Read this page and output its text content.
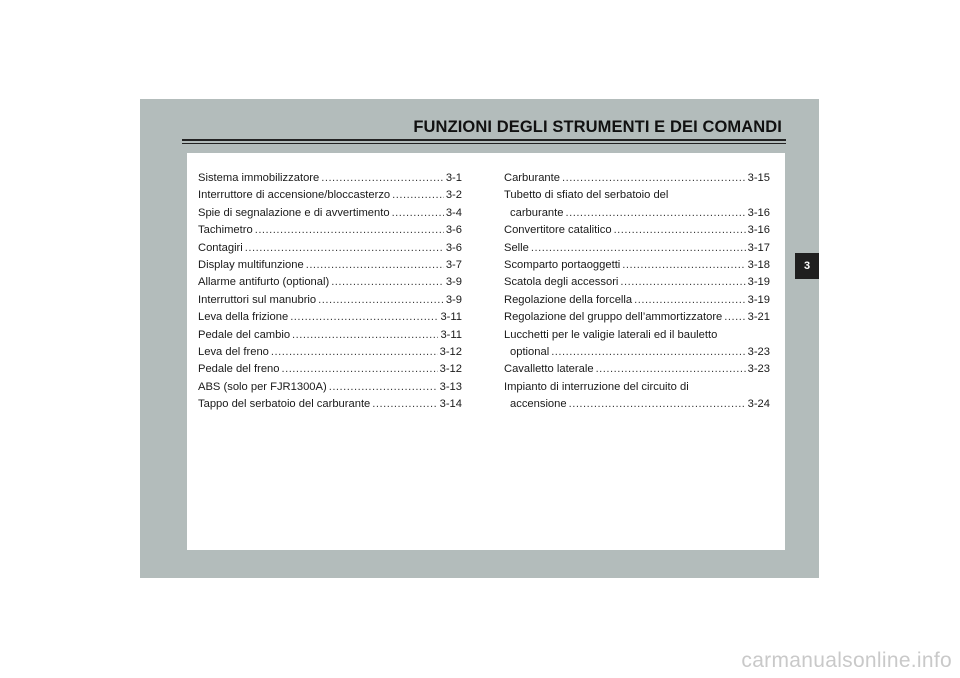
FUNZIONI DEGLI STRUMENTI E DEI COMANDI
Sistema immobilizzatore .....	3-1
Interruttore di accensione/bloccasterzo .....	3-2
Spie di segnalazione e di avvertimento .....	3-4
Tachimetro .....	3-6
Contagiri .....	3-6
Display multifunzione .....	3-7
Allarme antifurto (optional) .....	3-9
Interruttori sul manubrio .....	3-9
Leva della frizione .....	3-11
Pedale del cambio .....	3-11
Leva del freno .....	3-12
Pedale del freno .....	3-12
ABS (solo per FJR1300A) .....	3-13
Tappo del serbatoio del carburante .....	3-14
Carburante .....	3-15
Tubetto di sfiato del serbatoio del
carburante .....	3-16
Convertitore catalitico .....	3-16
Selle .....	3-17
Scomparto portaoggetti .....	3-18
Scatola degli accessori .....	3-19
Regolazione della forcella .....	3-19
Regolazione del gruppo dell’ammortizzatore ..... 3-21
Lucchetti per le valigie laterali ed il bauletto
optional .....	3-23
Cavalletto laterale .....	3-23
Impianto di interruzione del circuito di
accensione .....	3-24
3
carmanualsonline.info
